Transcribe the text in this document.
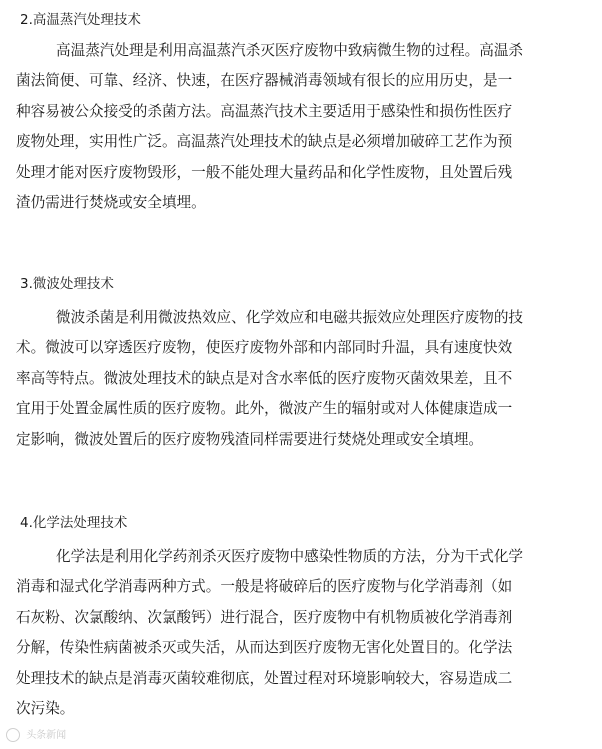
2.高温蒸汽处理技术
高温蒸汽处理是利用高温蒸汽杀灭医疗废物中致病微生物的过程。高温杀
菌法简便、可靠、经济、快速，在医疗器械消毒领域有很长的应用历史，是一
种容易被公众接受的杀菌方法。高温蒸汽技术主要适用于感染性和损伤性医疗
废物处理，实用性广泛。高温蒸汽处理技术的缺点是必须增加破碎工艺作为预
处理才能对医疗废物毁形，一般不能处理大量药品和化学性废物，且处置后残
渣仍需进行焚烧或安全填埋。
3.微波处理技术
微波杀菌是利用微波热效应、化学效应和电磁共振效应处理医疗废物的技
术。微波可以穿透医疗废物，使医疗废物外部和内部同时升温，具有速度快效
率高等特点。微波处理技术的缺点是对含水率低的医疗废物灭菌效果差，且不
宜用于处置金属性质的医疗废物。此外，微波产生的辐射或对人体健康造成一
定影响，微波处置后的医疗废物残渣同样需要进行焚烧处理或安全填埋。
4.化学法处理技术
化学法是利用化学药剂杀灭医疗废物中感染性物质的方法，分为干式化学
消毒和湿式化学消毒两种方式。一般是将破碎后的医疗废物与化学消毒剂（如
石灰粉、次氯酸纳、次氯酸钙）进行混合，医疗废物中有机物质被化学消毒剂
分解，传染性病菌被杀灭或失活，从而达到医疗废物无害化处置目的。化学法
处理技术的缺点是消毒灭菌较难彻底，处置过程对环境影响较大，容易造成二
次污染。
头条新闻
